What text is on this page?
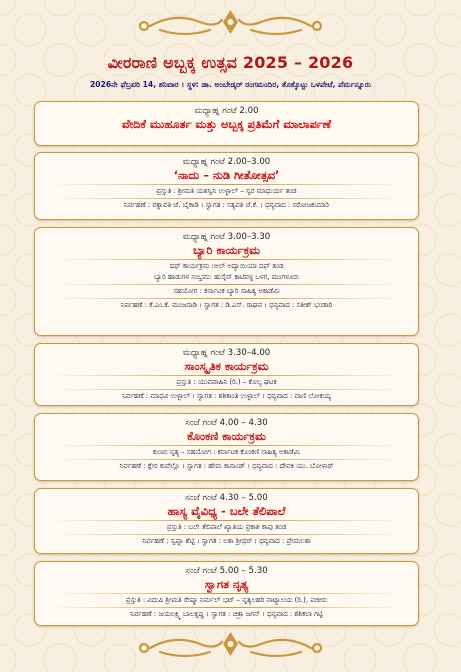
ವೀರರಾಣಿ ಅಬ್ಬಕ್ಕ ಉತ್ಸವ 2025 – 2026
2026ನೇ ಫೆಬ್ರವರಿ 14, ಶನಿವಾರ । ಸ್ಥಳ: ಡಾ. ಅಂಬೇಡ್ಕರ್ ರಂಗಮಂದಿರ, ತೊಕ್ಕೊಟ್ಟು ಒಳಪೇಟೆ, ಪೆರ್ಮನ್ನೂರು
ಮಧ್ಯಾಹ್ನ ಗಂಟೆ 2.00
ವೇದಿಕೆ ಮುಹೂರ್ತ ಮತ್ತು ಅಬ್ಬಕ್ಕ ಪ್ರತಿಮೆಗೆ ಮಾಲಾರ್ಪಣೆ
ಮಧ್ಯಾಹ್ನ ಗಂಟೆ 2.00–3.00
‘ನಾದು – ನುಡಿ ಗೀತೋತ್ಸವ’
ಪ್ರಸ್ತುತಿ : ಶ್ರೀಮತಿ ಯಶಸ್ವಿನಿ ಉಳ್ಳಾಲ್ – ಸ್ವರ ಮಾಧುರ್ಯ ತಂಡ
ನಿರ್ವಹಣೆ : ರತ್ನಾವತಿ ಜೆ. ಬೈಕಾಡಿ । ಸ್ವಾಗತ : ಸತ್ಯವತಿ ಜೆ.ಕೆ. । ಧನ್ಯವಾದ : ಸರೋಜಕುಮಾರಿ
ಮಧ್ಯಾಹ್ನ ಗಂಟೆ 3.00–3.30
ಬ್ಯಾರಿ ಕಾರ್ಯಕ್ರಮ
ದಫ್ ಕಾರ್ಯಕ್ರಮ :ಅಲ್ ಅದ್ಯಾಯಿಯಾ ದಫ್ ತಂಡ
ಬ್ಯಾರಿ ಹಾಡುಗಳ ಸಂಭ್ರಮ: ಹುಸೈನ್ ಕಾಟಿಪಳ್ಳ ಬಳಗ, ಮಂಗಳೂರು
ಸಹಯೋಗ : ಕರ್ನಾಟಕ ಬ್ಯಾರಿ ಸಾಹಿತ್ಯ ಅಕಾಡೆಮಿ
ನಿರ್ವಹಣೆ : ಕೆ.ಎಂ.ಕೆ. ಮಂಜನಾಡಿ । ಸ್ವಾಗತ : ಡಿ.ಎಸ್. ರಾಘವ । ಧನ್ಯವಾದ : ಸತೀಶ್ ಭಂಡಾರಿ
ಮಧ್ಯಾಹ್ನ ಗಂಟೆ 3.30–4.00
ಸಾಂಸ್ಕೃತಿಕ ಕಾರ್ಯಕ್ರಮ
ಪ್ರಸ್ತುತಿ : ಯುವವಾಹಿನಿ (ರಿ.) – ಕೊಲ್ಯ ಘಟಕ
ನಿರ್ವಹಣೆ : ಮಾಧವಿ ಉಳ್ಳಾಲ್ । ಸ್ವಾಗತ : ಶಶಿಕಾಂತಿ ಉಳ್ಳಾಲ್ । ಧನ್ಯವಾದ : ವಾಣಿ ಲೋಕಯ್ಯ
ಸಂಜೆ ಗಂಟೆ 4.00 – 4.30
ಕೊಂಕಣಿ ಕಾರ್ಯಕ್ರಮ
ಕುಣಬಿ ನೃತ್ಯ – ಸಹಯೋಗ : ಕರ್ನಾಟಕ ಕೊಂಕಣಿ ಸಾಹಿತ್ಯ ಅಕಾಡೆಮಿ
ನಿರ್ವಹಣೆ : ಕ್ಲೇರ ಕುವೆಲ್ಲೊ । ಸ್ವಾಗತ : ಹೇಮ ಕಾಸಾಂಡ್ । ಧನ್ಯವಾದ : ದೇವಕಿ ಯು. ಬೋಳಾರ್
ಸಂಜೆ ಗಂಟೆ 4.30 – 5.00
ಹಾಸ್ಯ ವೈವಿಧ್ಯ - ಬಲೇ ತೆಲಿಪಾಲೆ
ಪ್ರಸ್ತುತಿ : ಬಲೇ ತೆಲಿಪಾಲೆ ಖ್ಯಾತಿಯ ಪ್ರಕಾಶ ಕಾಪು ತಂಡ
ನಿರ್ವಹಣೆ : ಸ್ವಪ್ನಾ ಶೆಟ್ಟಿ । ಸ್ವಾಗತ : ಲತಾ ಶ್ರೀಧರ್ । ಧನ್ಯವಾದ : ಪ್ರೇಮಲತಾ
ಸಂಜೆ ಗಂಟೆ 5.00 – 5.30
ಸ್ವಾಗತ ನೃತ್ಯ
ಪ್ರಸ್ತುತಿ : ವಿದುಷಿ ಶ್ರೀಮತಿ ರೇಷ್ಮಾ ನಿರ್ಮಲ್ ಭಟ್ – ನೃತ್ಯಲಹರಿ ನಾಟ್ಯಾಲಯ (ರಿ.), ಪಜೀರು
ನಿರ್ವಹಣೆ : ಜಯಲಕ್ಷ್ಮಿ ಬಾಲಕೃಷ್ಣ । ಸ್ವಾಗತ : ಚಿತ್ರಾ ಜಗನ್ । ಧನ್ಯವಾದ : ಶಶಿಕಲಾ ಗಟ್ಟಿ
